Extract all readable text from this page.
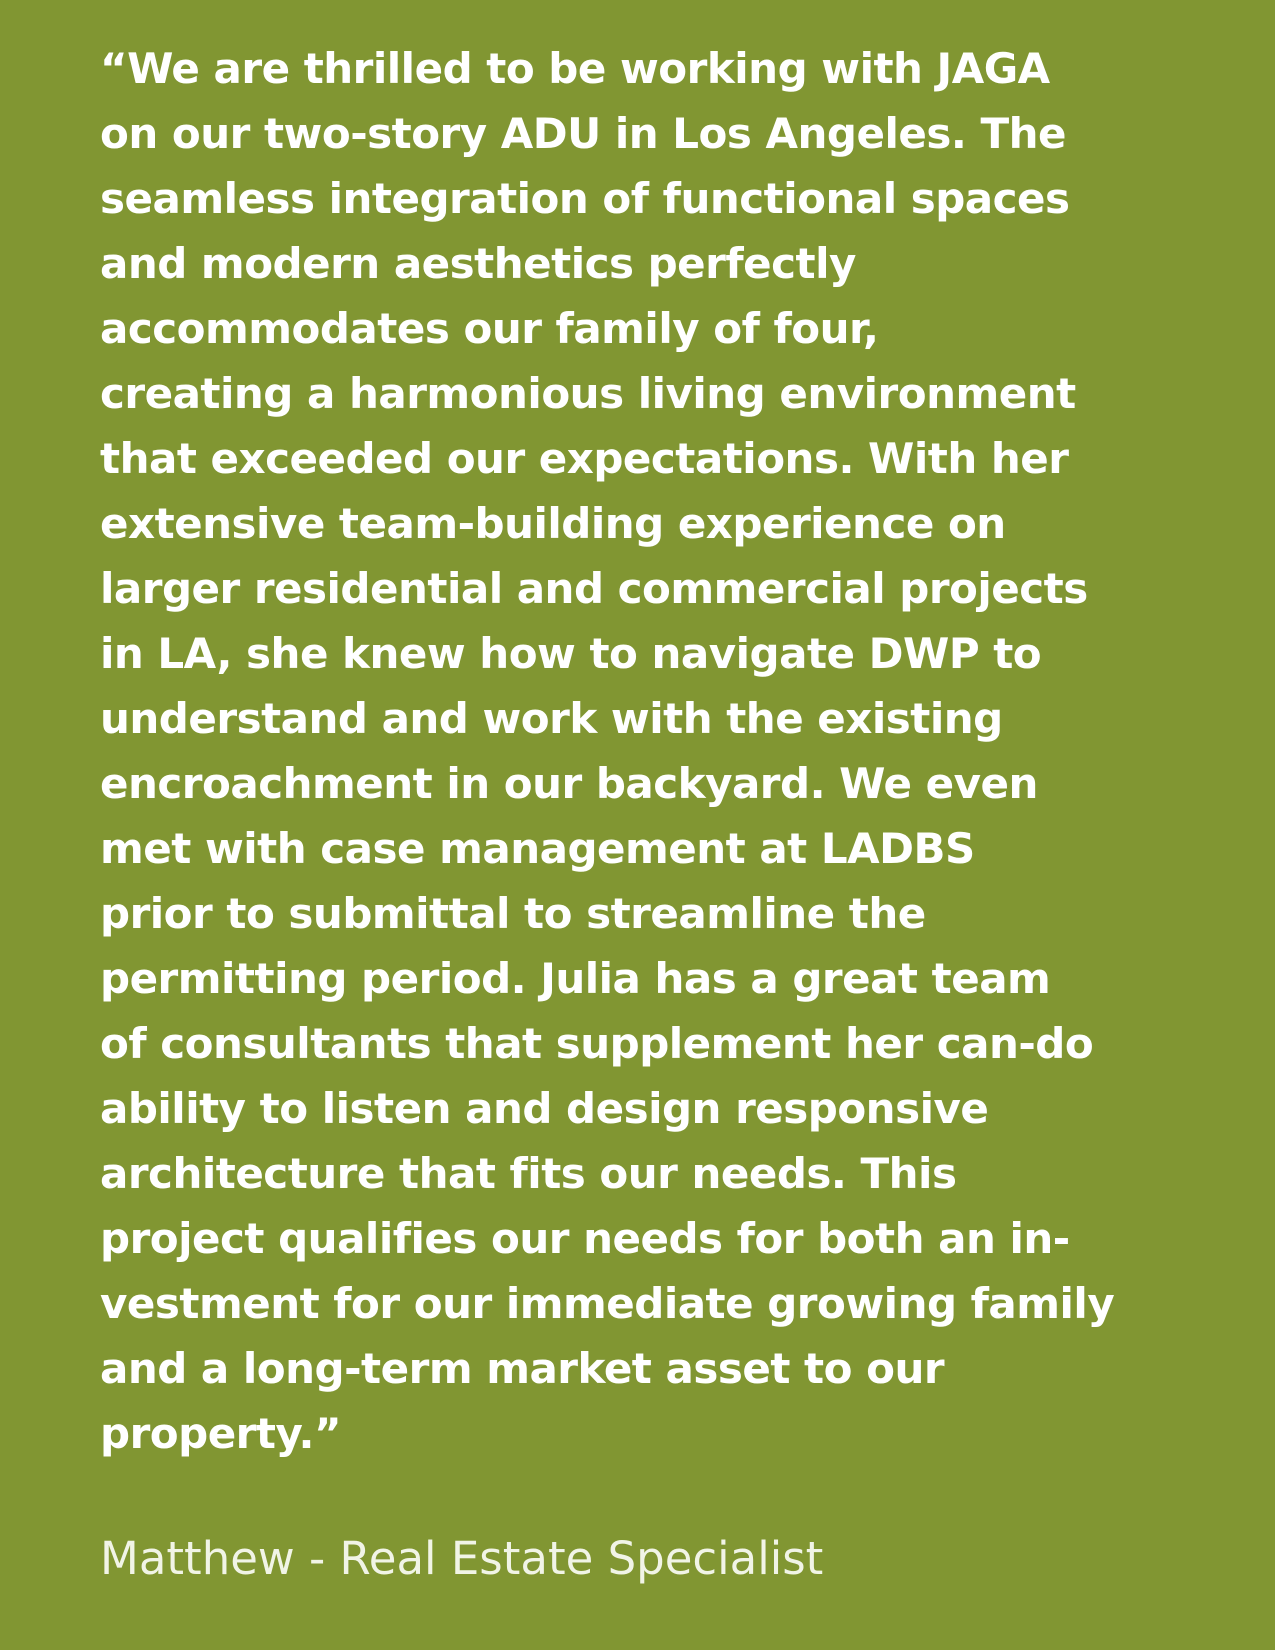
“We are thrilled to be working with JAGA
on our two-story ADU in Los Angeles. The
seamless integration of functional spaces
and modern aesthetics perfectly
accommodates our family of four,
creating a harmonious living environment
that exceeded our expectations. With her
extensive team-building experience on
larger residential and commercial projects
in LA, she knew how to navigate DWP to
understand and work with the existing
encroachment in our backyard. We even
met with case management at LADBS
prior to submittal to streamline the
permitting period. Julia has a great team
of consultants that supplement her can-do
ability to listen and design responsive
architecture that fits our needs. This
project qualifies our needs for both an in-
vestment for our immediate growing family
and a long-term market asset to our
property.”

Matthew - Real Estate Specialist
